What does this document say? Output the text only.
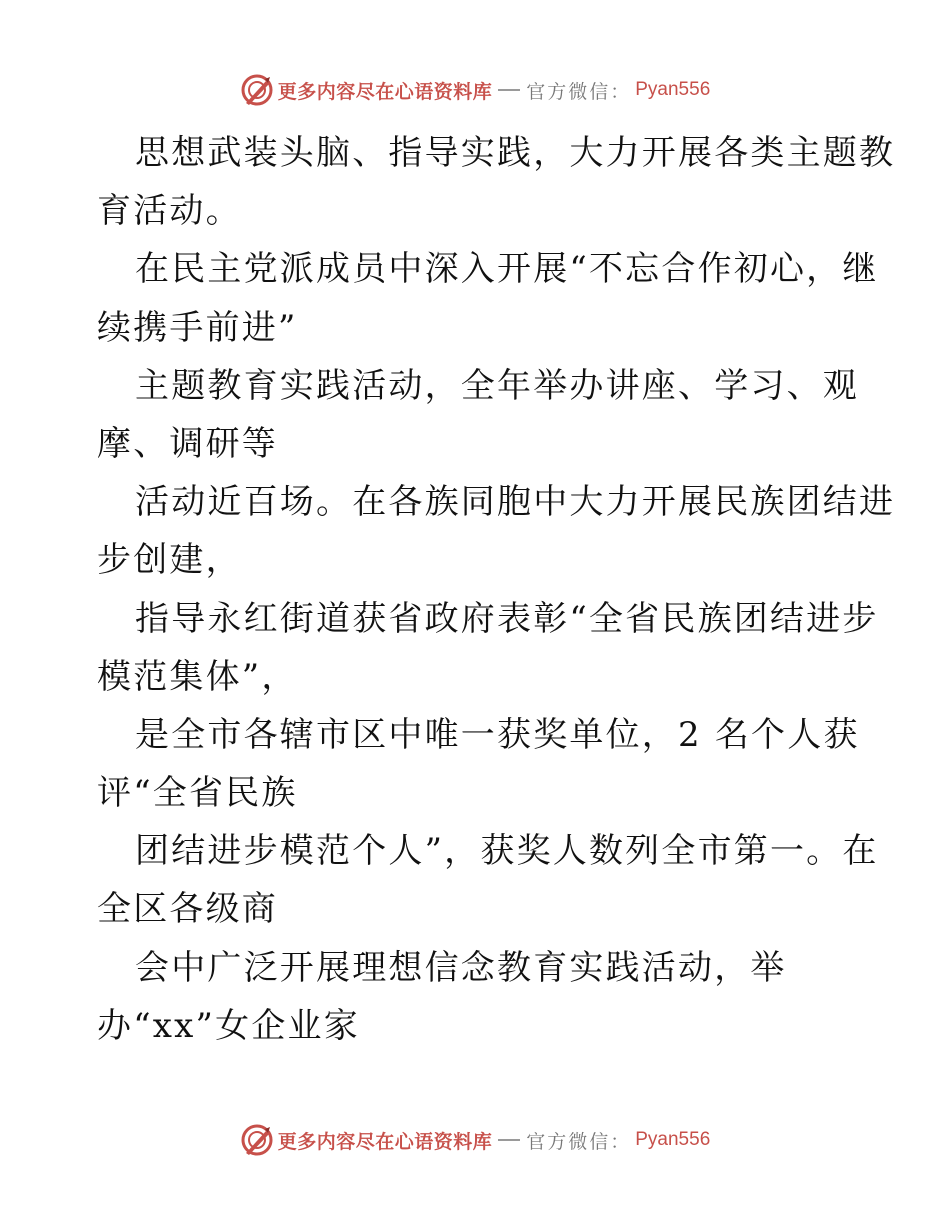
更多内容尽在心语资料库 官方微信： Pyan556
思想武装头脑、指导实践，大力开展各类主题教
育活动。
在民主党派成员中深入开展“不忘合作初心，继
续携手前进”
主题教育实践活动，全年举办讲座、学习、观
摩、调研等
活动近百场。在各族同胞中大力开展民族团结进
步创建，
指导永红街道获省政府表彰“全省民族团结进步
模范集体”，
是全市各辖市区中唯一获奖单位，2 名个人获
评“全省民族
团结进步模范个人”，获奖人数列全市第一。在
全区各级商
会中广泛开展理想信念教育实践活动，举
办“xx”女企业家
更多内容尽在心语资料库 官方微信： Pyan556
